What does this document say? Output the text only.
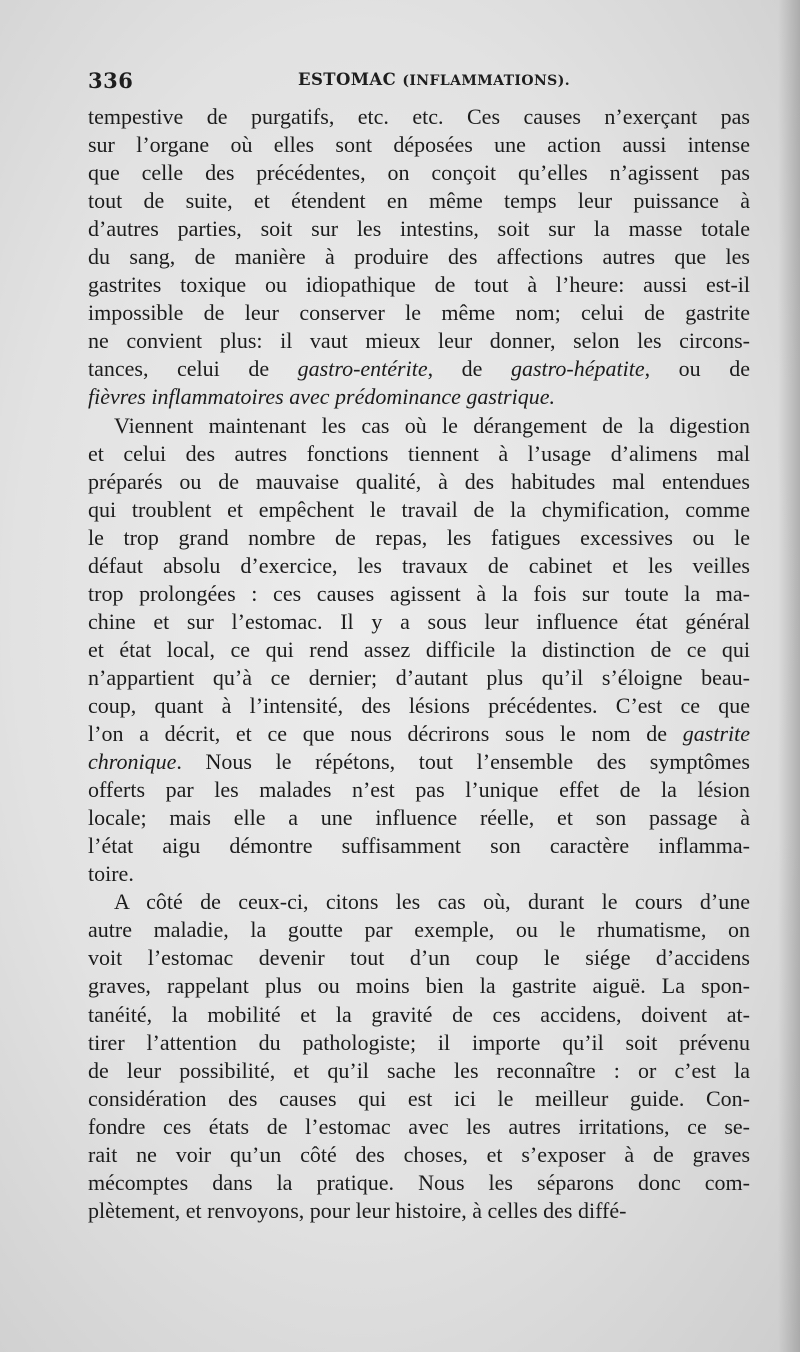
336	ESTOMAC (INFLAMMATIONS).
tempestive de purgatifs, etc. etc. Ces causes n’exerçant pas
sur l’organe où elles sont déposées une action aussi intense
que celle des précédentes, on conçoit qu’elles n’agissent pas
tout de suite, et étendent en même temps leur puissance à
d’autres parties, soit sur les intestins, soit sur la masse totale
du sang, de manière à produire des affections autres que les
gastrites toxique ou idiopathique de tout à l’heure: aussi est-il
impossible de leur conserver le même nom; celui de gastrite
ne convient plus: il vaut mieux leur donner, selon les circons-
tances, celui de gastro-entérite, de gastro-hépatite, ou de
fièvres inflammatoires avec prédominance gastrique.
Viennent maintenant les cas où le dérangement de la digestion
et celui des autres fonctions tiennent à l’usage d’alimens mal
préparés ou de mauvaise qualité, à des habitudes mal entendues
qui troublent et empêchent le travail de la chymification, comme
le trop grand nombre de repas, les fatigues excessives ou le
défaut absolu d’exercice, les travaux de cabinet et les veilles
trop prolongées : ces causes agissent à la fois sur toute la ma-
chine et sur l’estomac. Il y a sous leur influence état général
et état local, ce qui rend assez difficile la distinction de ce qui
n’appartient qu’à ce dernier; d’autant plus qu’il s’éloigne beau-
coup, quant à l’intensité, des lésions précédentes. C’est ce que
l’on a décrit, et ce que nous décrirons sous le nom de gastrite
chronique. Nous le répétons, tout l’ensemble des symptômes
offerts par les malades n’est pas l’unique effet de la lésion
locale; mais elle a une influence réelle, et son passage à
l’état aigu démontre suffisamment son caractère inflamma-
toire.
A côté de ceux-ci, citons les cas où, durant le cours d’une
autre maladie, la goutte par exemple, ou le rhumatisme, on
voit l’estomac devenir tout d’un coup le siége d’accidens
graves, rappelant plus ou moins bien la gastrite aiguë. La spon-
tanéité, la mobilité et la gravité de ces accidens, doivent at-
tirer l’attention du pathologiste; il importe qu’il soit prévenu
de leur possibilité, et qu’il sache les reconnaître : or c’est la
considération des causes qui est ici le meilleur guide. Con-
fondre ces états de l’estomac avec les autres irritations, ce se-
rait ne voir qu’un côté des choses, et s’exposer à de graves
mécomptes dans la pratique. Nous les séparons donc com-
plètement, et renvoyons, pour leur histoire, à celles des diffé-
